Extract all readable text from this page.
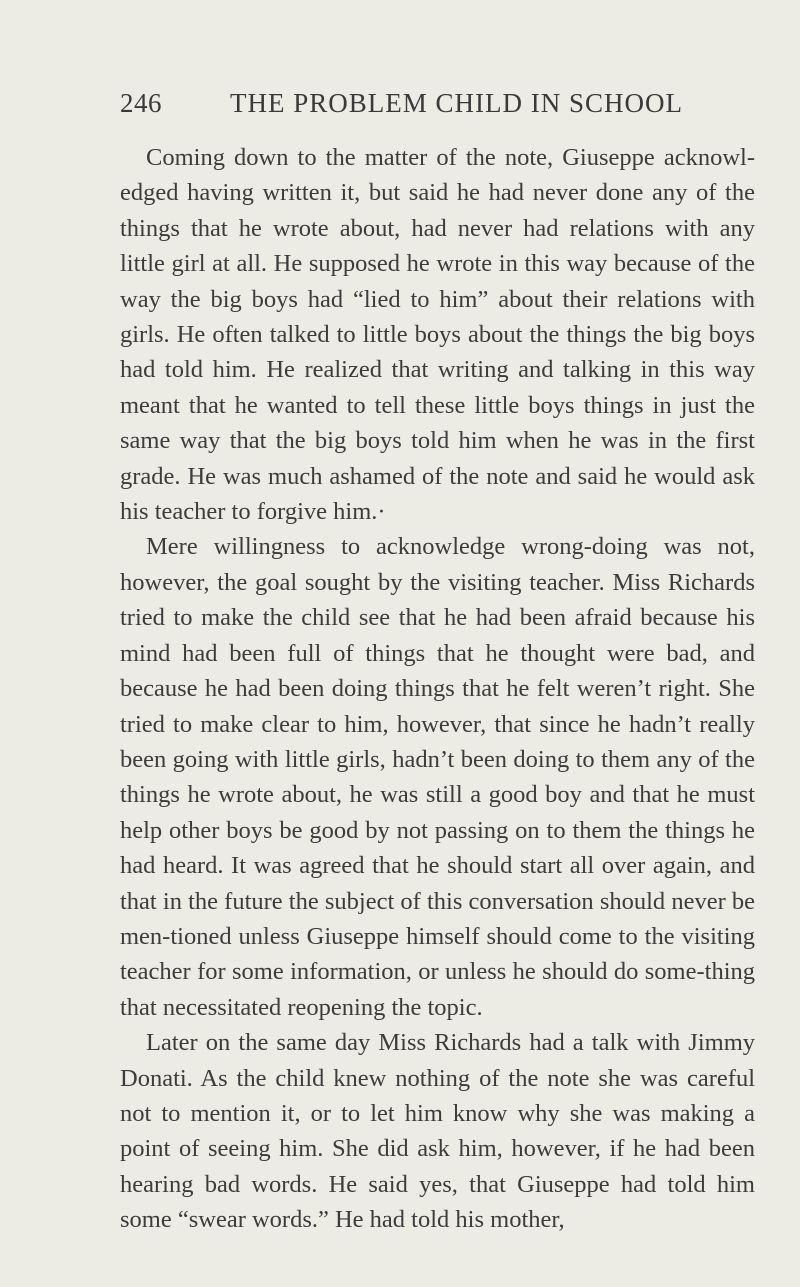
246	THE PROBLEM CHILD IN SCHOOL

Coming down to the matter of the note, Giuseppe acknowl-edged having written it, but said he had never done any of the things that he wrote about, had never had relations with any little girl at all. He supposed he wrote in this way because of the way the big boys had “lied to him” about their relations with girls. He often talked to little boys about the things the big boys had told him. He realized that writing and talking in this way meant that he wanted to tell these little boys things in just the same way that the big boys told him when he was in the first grade. He was much ashamed of the note and said he would ask his teacher to forgive him.·

Mere willingness to acknowledge wrong-doing was not, however, the goal sought by the visiting teacher. Miss Richards tried to make the child see that he had been afraid because his mind had been full of things that he thought were bad, and because he had been doing things that he felt weren’t right. She tried to make clear to him, however, that since he hadn’t really been going with little girls, hadn’t been doing to them any of the things he wrote about, he was still a good boy and that he must help other boys be good by not passing on to them the things he had heard. It was agreed that he should start all over again, and that in the future the subject of this conversation should never be men-tioned unless Giuseppe himself should come to the visiting teacher for some information, or unless he should do some-thing that necessitated reopening the topic.

Later on the same day Miss Richards had a talk with Jimmy Donati. As the child knew nothing of the note she was careful not to mention it, or to let him know why she was making a point of seeing him. She did ask him, however, if he had been hearing bad words. He said yes, that Giuseppe had told him some “swear words.” He had told his mother,
